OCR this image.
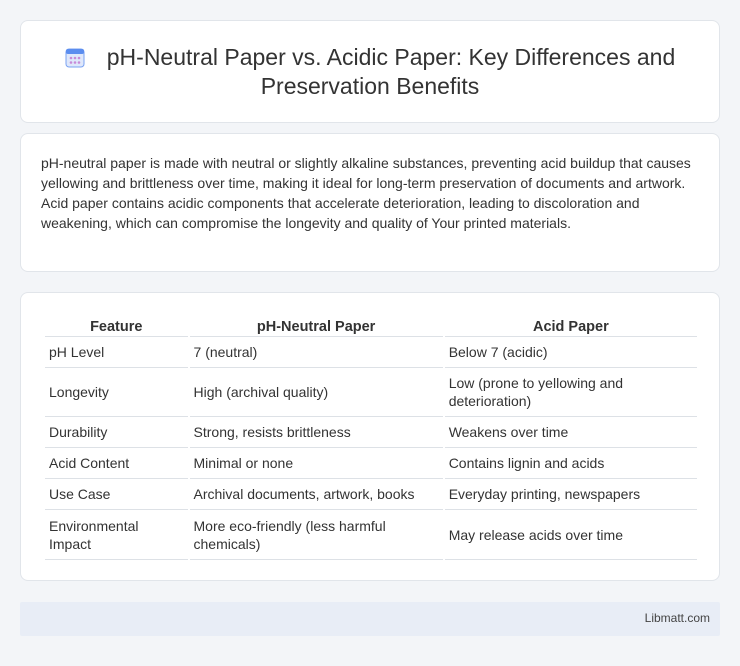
pH-Neutral Paper vs. Acidic Paper: Key Differences and Preservation Benefits

pH-neutral paper is made with neutral or slightly alkaline substances, preventing acid buildup that causes yellowing and brittleness over time, making it ideal for long-term preservation of documents and artwork. Acid paper contains acidic components that accelerate deterioration, leading to discoloration and weakening, which can compromise the longevity and quality of Your printed materials.

Feature	pH-Neutral Paper	Acid Paper
pH Level	7 (neutral)	Below 7 (acidic)
Longevity	High (archival quality)	Low (prone to yellowing and deterioration)
Durability	Strong, resists brittleness	Weakens over time
Acid Content	Minimal or none	Contains lignin and acids
Use Case	Archival documents, artwork, books	Everyday printing, newspapers
Environmental Impact	More eco-friendly (less harmful chemicals)	May release acids over time
Libmatt.com
